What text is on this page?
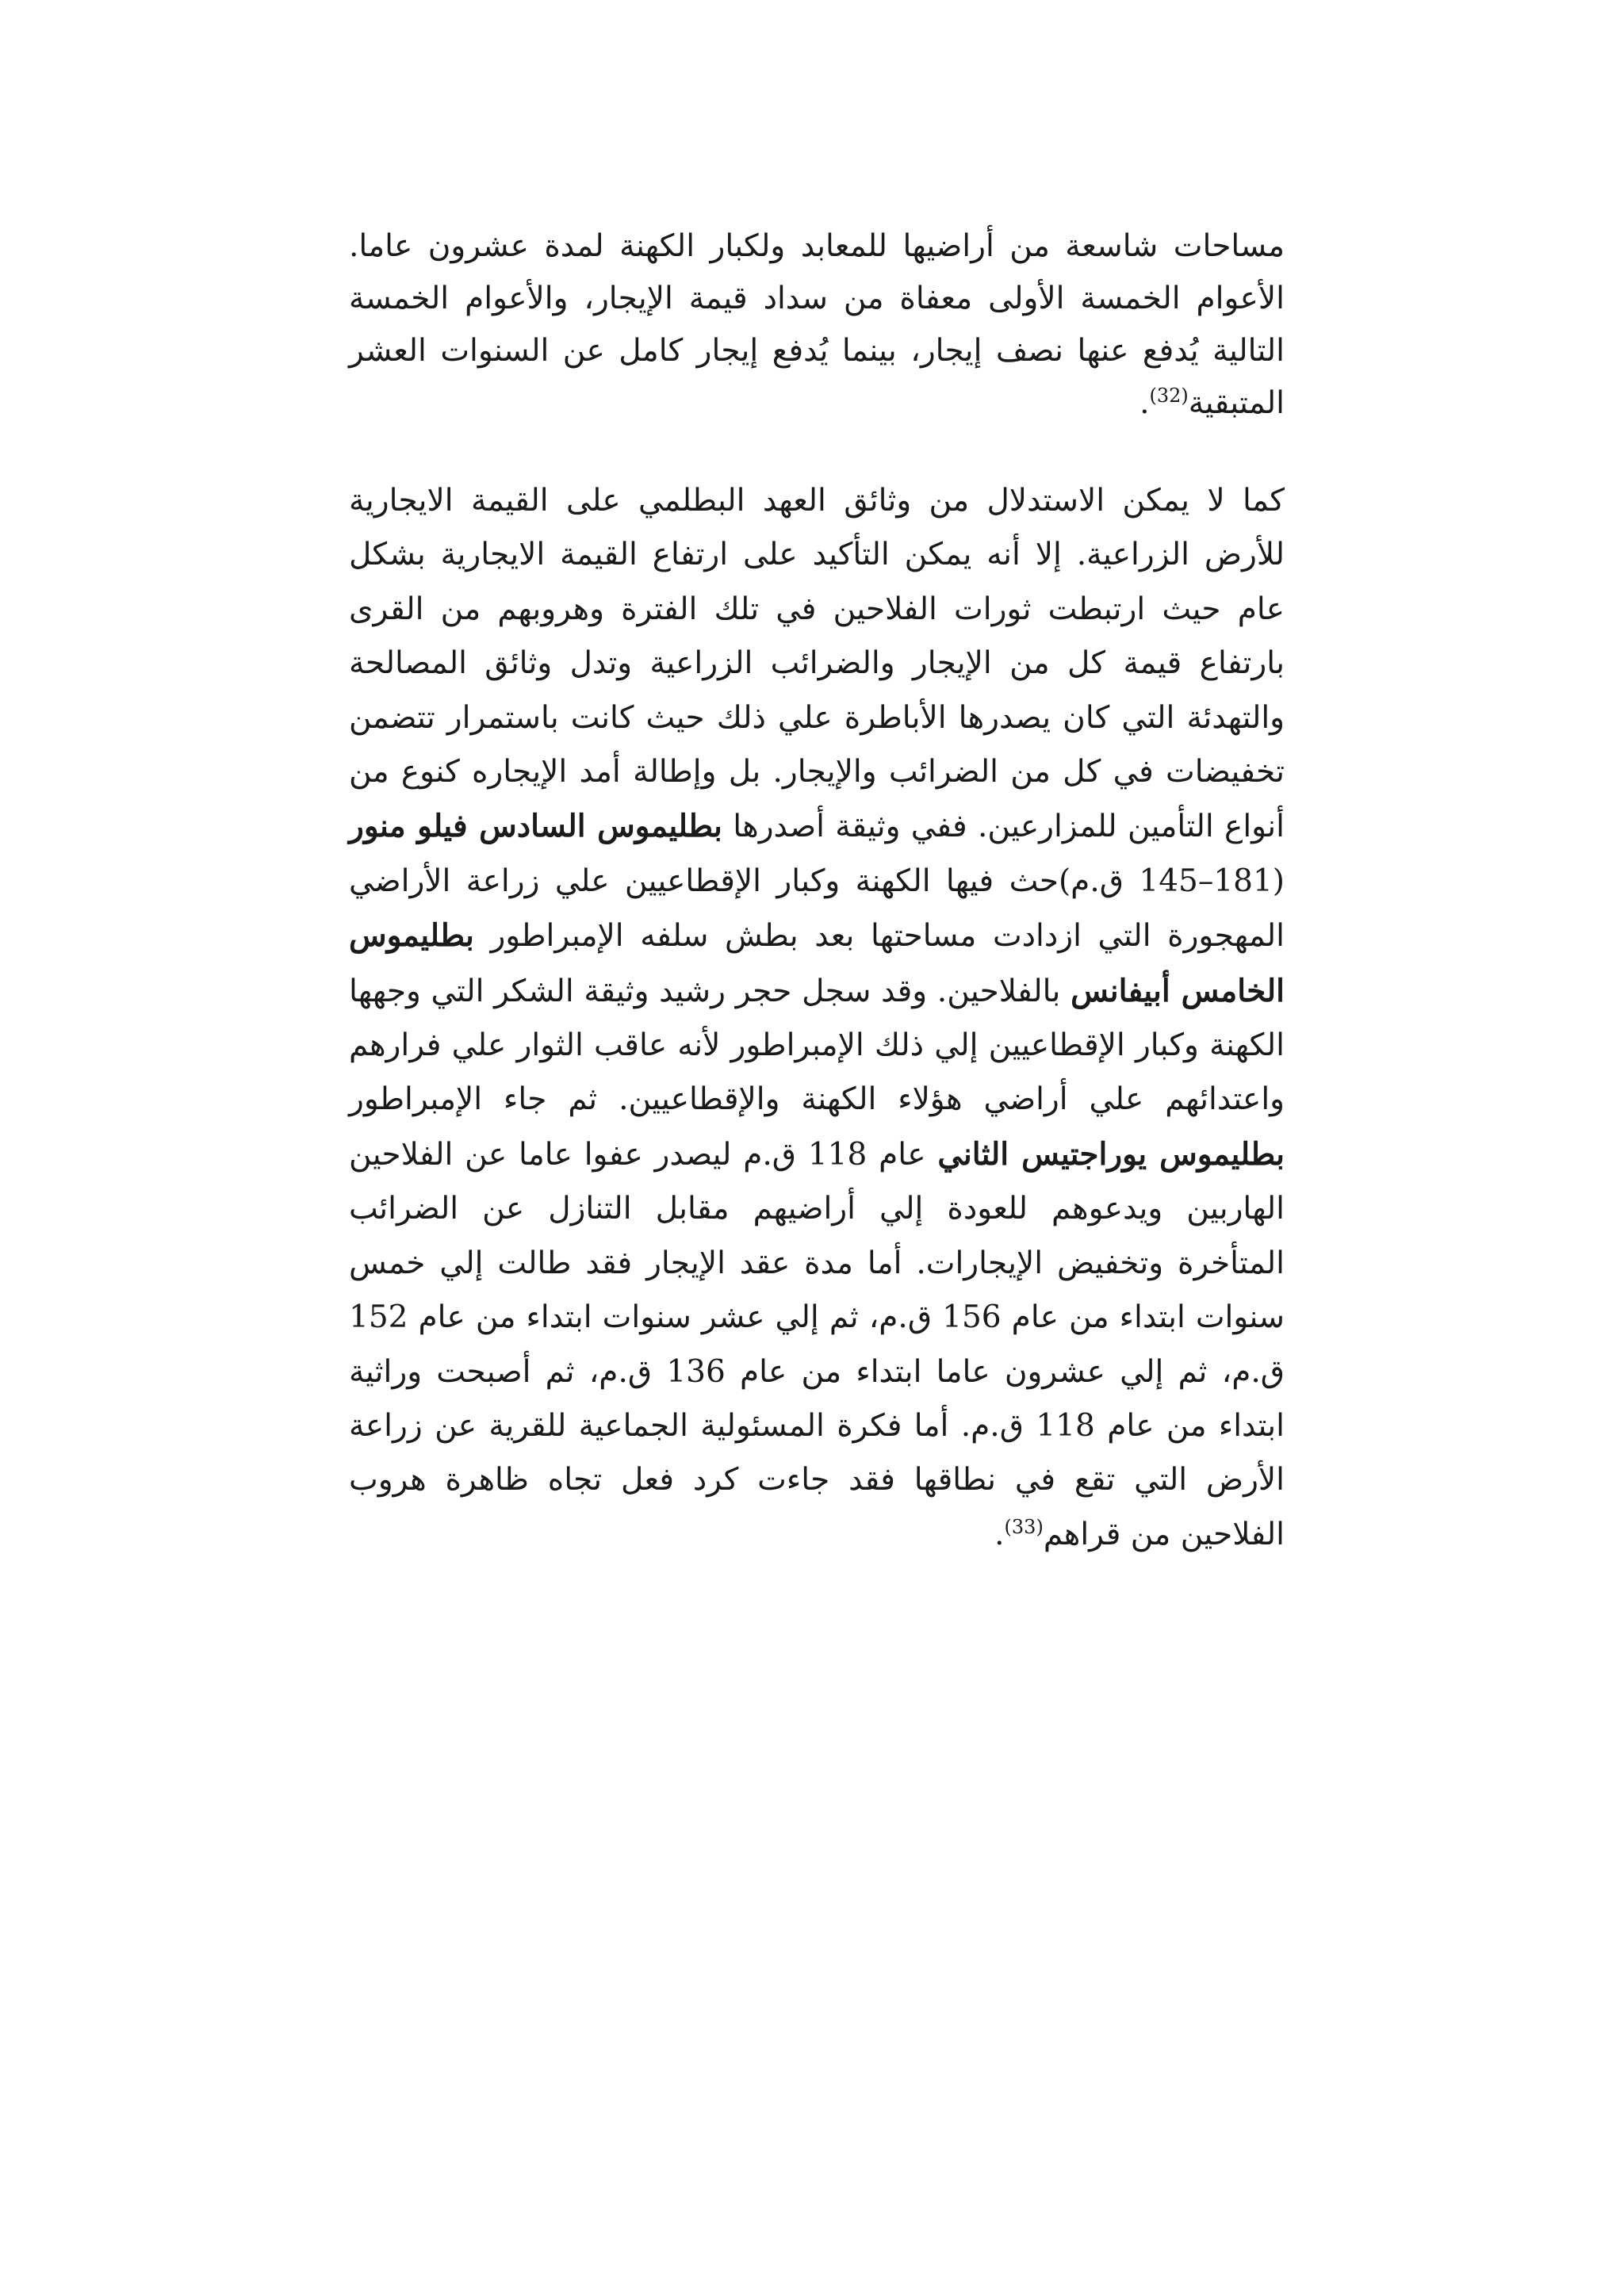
مساحات شاسعة من أراضيها للمعابد ولكبار الكهنة لمدة عشرون عاما. الأعوام الخمسة الأولى معفاة من سداد قيمة الإيجار، والأعوام الخمسة التالية يُدفع عنها نصف إيجار، بينما يُدفع إيجار كامل عن السنوات العشر المتبقية$^{(32)}$.

كما لا يمكن الاستدلال من وثائق العهد البطلمي على القيمة الايجارية للأرض الزراعية. إلا أنه يمكن التأكيد على ارتفاع القيمة الايجارية بشكل عام حيث ارتبطت ثورات الفلاحين في تلك الفترة وهروبهم من القرى بارتفاع قيمة كل من الإيجار والضرائب الزراعية وتدل وثائق المصالحة والتهدئة التي كان يصدرها الأباطرة علي ذلك حيث كانت باستمرار تتضمن تخفيضات في كل من الضرائب والإيجار. بل وإطالة أمد الإيجاره كنوع من أنواع التأمين للمزارعين. ففي وثيقة أصدرها بطليموس السادس فيلو منور (181–145 ق.م)حث فيها الكهنة وكبار الإقطاعيين علي زراعة الأراضي المهجورة التي ازدادت مساحتها بعد بطش سلفه الإمبراطور بطليموس الخامس أبيفانس بالفلاحين. وقد سجل حجر رشيد وثيقة الشكر التي وجهها الكهنة وكبار الإقطاعيين إلي ذلك الإمبراطور لأنه عاقب الثوار علي فرارهم واعتدائهم علي أراضي هؤلاء الكهنة والإقطاعيين. ثم جاء الإمبراطور بطليموس يوراجتيس الثاني عام 118 ق.م ليصدر عفوا عاما عن الفلاحين الهاربين ويدعوهم للعودة إلي أراضيهم مقابل التنازل عن الضرائب المتأخرة وتخفيض الإيجارات. أما مدة عقد الإيجار فقد طالت إلي خمس سنوات ابتداء من عام 156 ق.م، ثم إلي عشر سنوات ابتداء من عام 152 ق.م، ثم إلي عشرون عاما ابتداء من عام 136 ق.م، ثم أصبحت وراثية ابتداء من عام 118 ق.م. أما فكرة المسئولية الجماعية للقرية عن زراعة الأرض التي تقع في نطاقها فقد جاءت كرد فعل تجاه ظاهرة هروب الفلاحين من قراهم$^{(33)}$.
